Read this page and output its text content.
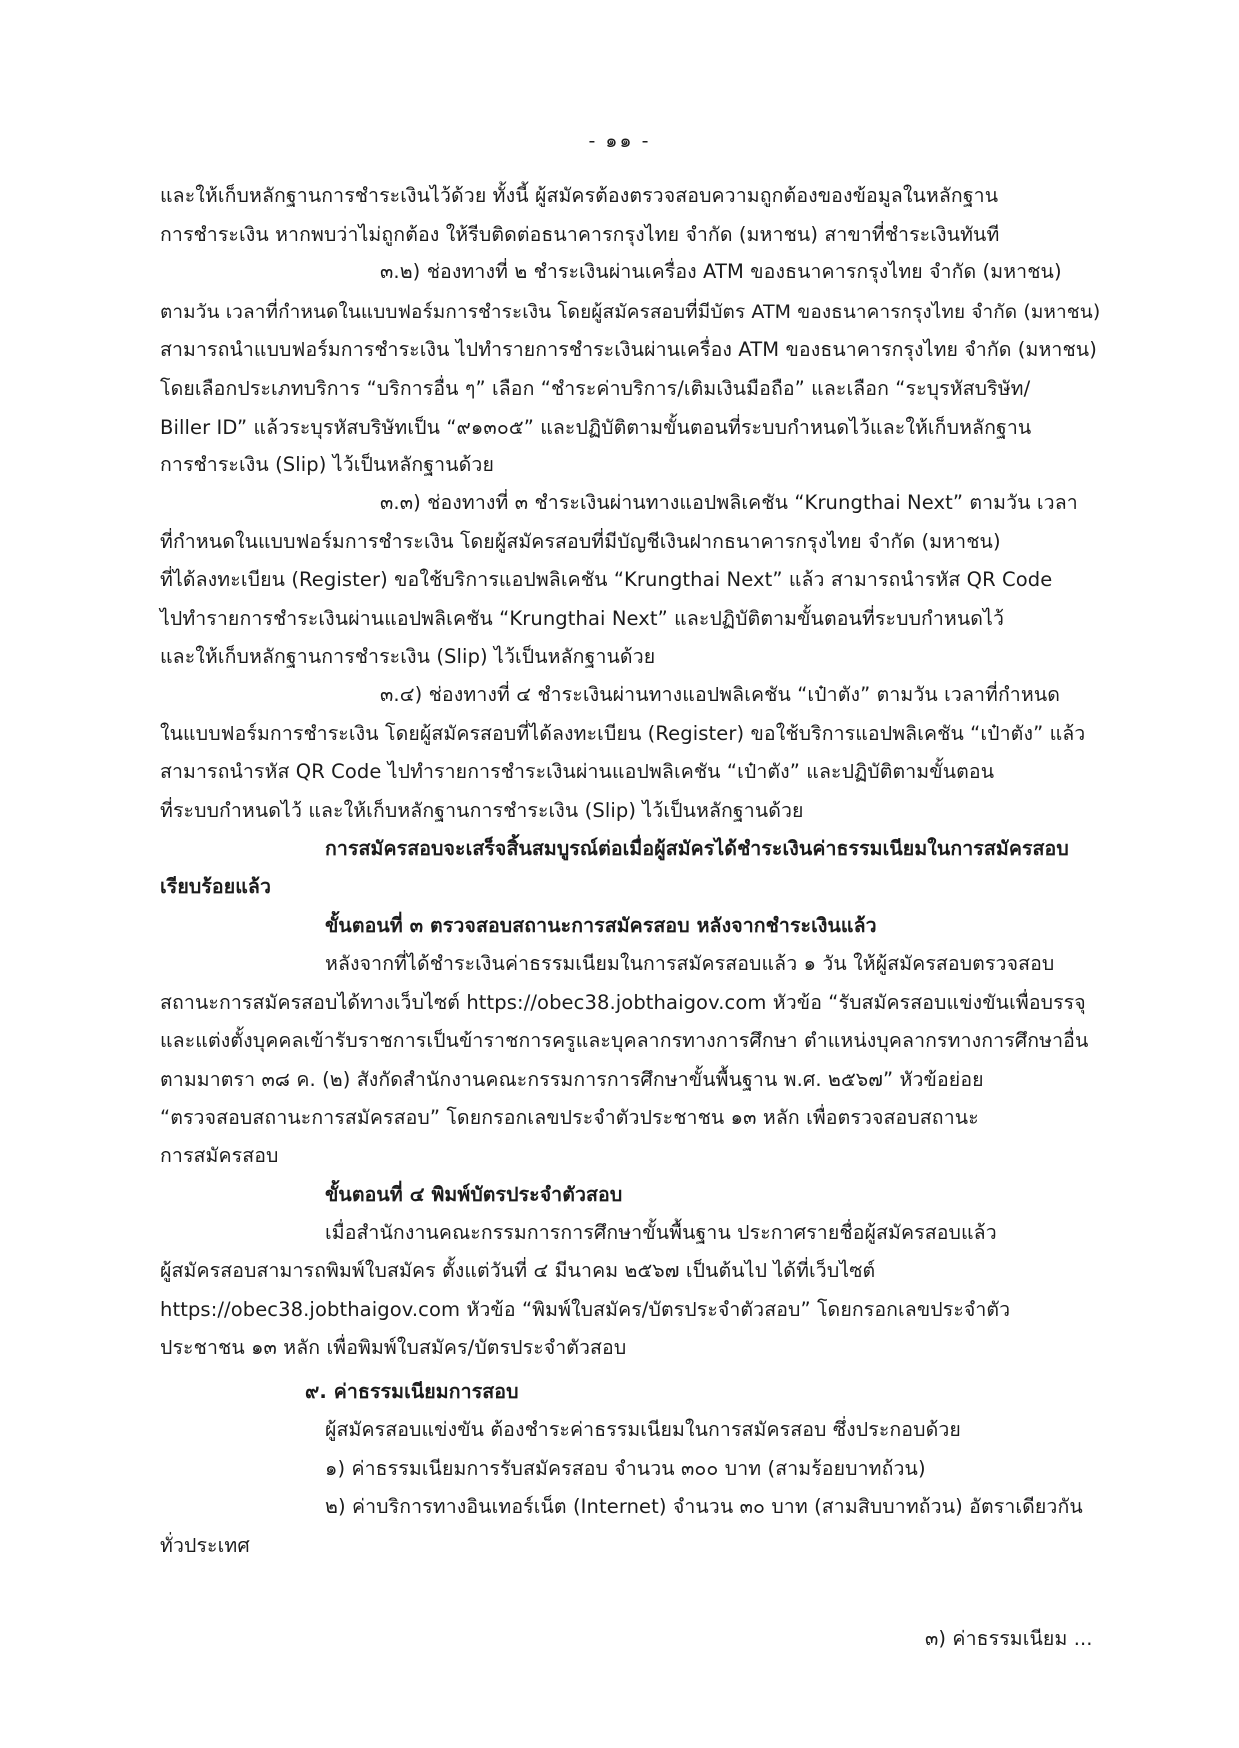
- ๑๑ -

และให้เก็บหลักฐานการชำระเงินไว้ด้วย ทั้งนี้ ผู้สมัครต้องตรวจสอบความถูกต้องของข้อมูลในหลักฐาน

การชำระเงิน หากพบว่าไม่ถูกต้อง ให้รีบติดต่อธนาคารกรุงไทย จำกัด (มหาชน) สาขาที่ชำระเงินทันที

๓.๒) ช่องทางที่ ๒ ชำระเงินผ่านเครื่อง ATM ของธนาคารกรุงไทย จำกัด (มหาชน)

ตามวัน เวลาที่กำหนดในแบบฟอร์มการชำระเงิน โดยผู้สมัครสอบที่มีบัตร ATM ของธนาคารกรุงไทย จำกัด (มหาชน)

สามารถนำแบบฟอร์มการชำระเงิน ไปทำรายการชำระเงินผ่านเครื่อง ATM ของธนาคารกรุงไทย จำกัด (มหาชน)

โดยเลือกประเภทบริการ “บริการอื่น ๆ” เลือก “ชำระค่าบริการ/เติมเงินมือถือ” และเลือก “ระบุรหัสบริษัท/

Biller ID” แล้วระบุรหัสบริษัทเป็น “๙๑๓๐๕” และปฏิบัติตามขั้นตอนที่ระบบกำหนดไว้และให้เก็บหลักฐาน

การชำระเงิน (Slip) ไว้เป็นหลักฐานด้วย

๓.๓) ช่องทางที่ ๓ ชำระเงินผ่านทางแอปพลิเคชัน “Krungthai Next” ตามวัน เวลา

ที่กำหนดในแบบฟอร์มการชำระเงิน โดยผู้สมัครสอบที่มีบัญชีเงินฝากธนาคารกรุงไทย จำกัด (มหาชน)

ที่ได้ลงทะเบียน (Register) ขอใช้บริการแอปพลิเคชัน “Krungthai Next” แล้ว สามารถนำรหัส QR Code

ไปทำรายการชำระเงินผ่านแอปพลิเคชัน “Krungthai Next” และปฏิบัติตามขั้นตอนที่ระบบกำหนดไว้

และให้เก็บหลักฐานการชำระเงิน (Slip) ไว้เป็นหลักฐานด้วย

๓.๔) ช่องทางที่ ๔ ชำระเงินผ่านทางแอปพลิเคชัน “เป๋าตัง” ตามวัน เวลาที่กำหนด

ในแบบฟอร์มการชำระเงิน โดยผู้สมัครสอบที่ได้ลงทะเบียน (Register) ขอใช้บริการแอปพลิเคชัน “เป๋าตัง” แล้ว

สามารถนำรหัส QR Code ไปทำรายการชำระเงินผ่านแอปพลิเคชัน “เป๋าตัง” และปฏิบัติตามขั้นตอน

ที่ระบบกำหนดไว้ และให้เก็บหลักฐานการชำระเงิน (Slip) ไว้เป็นหลักฐานด้วย

การสมัครสอบจะเสร็จสิ้นสมบูรณ์ต่อเมื่อผู้สมัครได้ชำระเงินค่าธรรมเนียมในการสมัครสอบ

เรียบร้อยแล้ว

ขั้นตอนที่ ๓ ตรวจสอบสถานะการสมัครสอบ หลังจากชำระเงินแล้ว

หลังจากที่ได้ชำระเงินค่าธรรมเนียมในการสมัครสอบแล้ว ๑ วัน ให้ผู้สมัครสอบตรวจสอบ

สถานะการสมัครสอบได้ทางเว็บไซต์ https://obec38.jobthaigov.com หัวข้อ “รับสมัครสอบแข่งขันเพื่อบรรจุ

และแต่งตั้งบุคคลเข้ารับราชการเป็นข้าราชการครูและบุคลากรทางการศึกษา ตำแหน่งบุคลากรทางการศึกษาอื่น

ตามมาตรา ๓๘ ค. (๒) สังกัดสำนักงานคณะกรรมการการศึกษาขั้นพื้นฐาน พ.ศ. ๒๕๖๗” หัวข้อย่อย

“ตรวจสอบสถานะการสมัครสอบ” โดยกรอกเลขประจำตัวประชาชน ๑๓ หลัก เพื่อตรวจสอบสถานะ

การสมัครสอบ

ขั้นตอนที่ ๔ พิมพ์บัตรประจำตัวสอบ

เมื่อสำนักงานคณะกรรมการการศึกษาขั้นพื้นฐาน ประกาศรายชื่อผู้สมัครสอบแล้ว

ผู้สมัครสอบสามารถพิมพ์ใบสมัคร ตั้งแต่วันที่ ๔ มีนาคม ๒๕๖๗ เป็นต้นไป ได้ที่เว็บไซต์

https://obec38.jobthaigov.com หัวข้อ “พิมพ์ใบสมัคร/บัตรประจำตัวสอบ” โดยกรอกเลขประจำตัว

ประชาชน ๑๓ หลัก เพื่อพิมพ์ใบสมัคร/บัตรประจำตัวสอบ

๙. ค่าธรรมเนียมการสอบ

ผู้สมัครสอบแข่งขัน ต้องชำระค่าธรรมเนียมในการสมัครสอบ ซึ่งประกอบด้วย

๑) ค่าธรรมเนียมการรับสมัครสอบ จำนวน ๓๐๐ บาท (สามร้อยบาทถ้วน)

๒) ค่าบริการทางอินเทอร์เน็ต (Internet) จำนวน ๓๐ บาท (สามสิบบาทถ้วน) อัตราเดียวกัน

ทั่วประเทศ

๓) ค่าธรรมเนียม ...
